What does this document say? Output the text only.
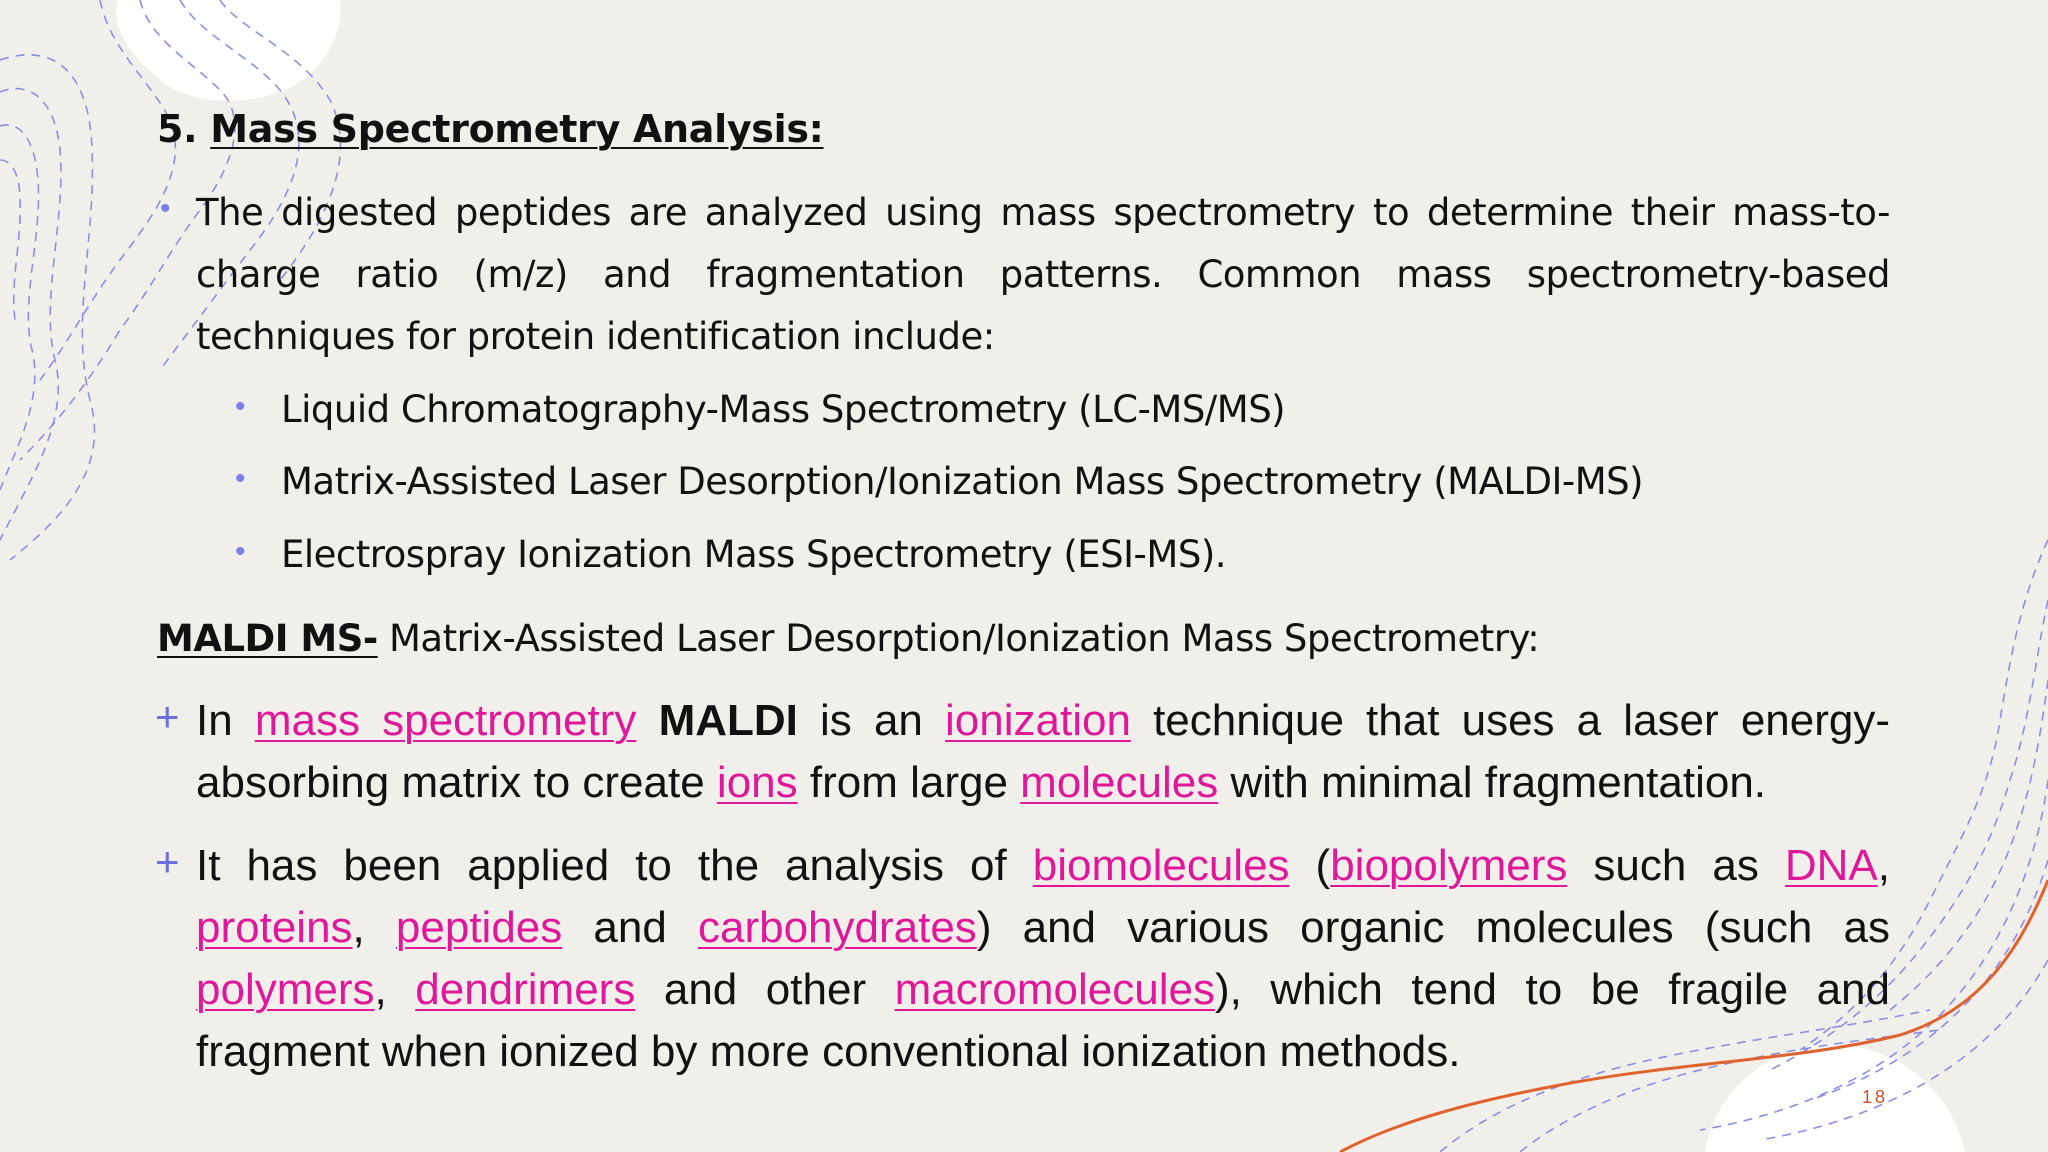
5. Mass Spectrometry Analysis:
• The digested peptides are analyzed using mass spectrometry to determine their mass-to-charge ratio (m/z) and fragmentation patterns. Common mass spectrometry-based techniques for protein identification include:
• Liquid Chromatography-Mass Spectrometry (LC-MS/MS)
• Matrix-Assisted Laser Desorption/Ionization Mass Spectrometry (MALDI-MS)
• Electrospray Ionization Mass Spectrometry (ESI-MS).
MALDI MS- Matrix-Assisted Laser Desorption/Ionization Mass Spectrometry:
+ In mass spectrometry MALDI is an ionization technique that uses a laser energy-absorbing matrix to create ions from large molecules with minimal fragmentation.
+ It has been applied to the analysis of biomolecules (biopolymers such as DNA, proteins, peptides and carbohydrates) and various organic molecules (such as polymers, dendrimers and other macromolecules), which tend to be fragile and fragment when ionized by more conventional ionization methods.
18
